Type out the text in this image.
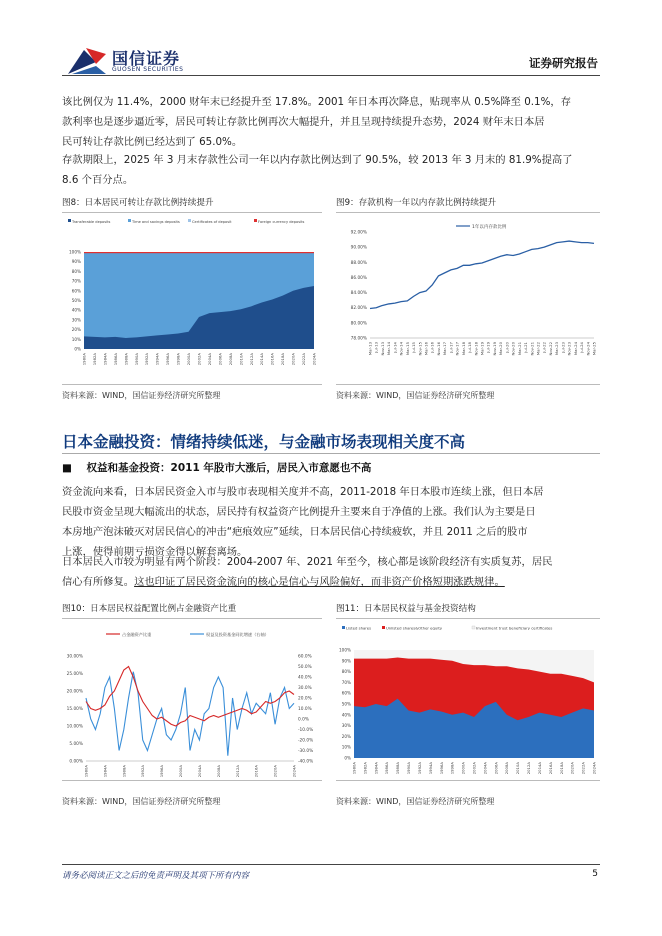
国信证券
GUOSEN SECURITIES	证券研究报告
该比例仅为 11.4%，2000 财年末已经提升至 17.8%。2001 年日本再次降息，贴现率从 0.5%降至 0.1%，存
款利率也是逐步逼近零，居民可转让存款比例再次大幅提升，并且呈现持续提升态势，2024 财年末日本居
民可转让存款比例已经达到了 65.0%。
存款期限上，2025 年 3 月末存款性公司一年以内存款比例达到了 90.5%，较 2013 年 3 月末的 81.9%提高了
8.6 个百分点。
图8：日本居民可转让存款比例持续提升
Transferable deposits	Time and savings deposits	Certificates of deposit	Foreign currency deposits
0%
10%
20%
30%
40%
50%
60%
70%
80%
90%
100%
1980A 1982A 1984A 1986A 1988A 1990A 1992A 1994A 1996A 1998A 2000A 2002A 2004A 2006A 2008A 2010A 2012A 2014A 2016A 2018A 2020A 2022A 2024A
资料来源：WIND，国信证券经济研究所整理
图9：存款机构一年以内存款比例持续提升
1年以内存款比例
78.00%
80.00%
82.00%
84.00%
86.00%
88.00%
90.00%
92.00%
Mar-13 Jul-13 Nov-13 Mar-14 Jul-14 Nov-14 Mar-15 Jul-15 Nov-15 Mar-16 Jul-16 Nov-16 Mar-17 Jul-17 Nov-17 Mar-18 Jul-18 Nov-18 Mar-19 Jul-19 Nov-19 Mar-20 Jul-20 Nov-20 Mar-21 Jul-21 Nov-21 Mar-22 Jul-22 Nov-22 Mar-23 Jul-23 Nov-23 Mar-24 Jul-24 Nov-24 Mar-25
资料来源：WIND，国信证券经济研究所整理
日本金融投资：情绪持续低迷，与金融市场表现相关度不高
■ 权益和基金投资：2011 年股市大涨后，居民入市意愿也不高
资金流向来看，日本居民资金入市与股市表现相关度并不高，2011-2018 年日本股市连续上涨，但日本居
民股市资金呈现大幅流出的状态，居民持有权益资产比例提升主要来自于净值的上涨。我们认为主要是日
本房地产泡沫破灭对居民信心的冲击“疤痕效应”延续，日本居民信心持续疲软，并且 2011 之后的股市
上涨，使得前期亏损资金得以解套离场。
日本居民入市较为明显有两个阶段：2004-2007 年、2021 年至今，核心都是该阶段经济有实质复苏，居民
信心有所修复。这也印证了居民资金流向的核心是信心与风险偏好，而非资产价格短期涨跌规律。
图10：日本居民权益配置比例占金融资产比重
占金融资产比重	权益及投资基金同比增速（右轴）
0.00%
5.00%
10.00%
15.00%
20.00%
25.00%
30.00%
-40.0%
-30.0%
-20.0%
-10.0%
0.0%
10.0%
20.0%
30.0%
40.0%
50.0%
60.0%
1980A	1984A	1988A	1992A	1996A	2000A	2004A	2008A	2012A	2016A	2020A	2024A
资料来源：WIND，国信证券经济研究所整理
图11：日本居民权益与基金投资结构
Listed shares	Unlisted shares&Other equity	Investment trust beneficiary certificates
0%
10%
20%
30%
40%
50%
60%
70%
80%
90%
100%
1980A 1982A 1984A 1986A 1988A 1990A 1992A 1994A 1996A 1998A 2000A 2002A 2004A 2006A 2008A 2010A 2012A 2014A 2016A 2018A 2020A 2022A 2024A
资料来源：WIND，国信证券经济研究所整理
请务必阅读正文之后的免责声明及其项下所有内容	5
